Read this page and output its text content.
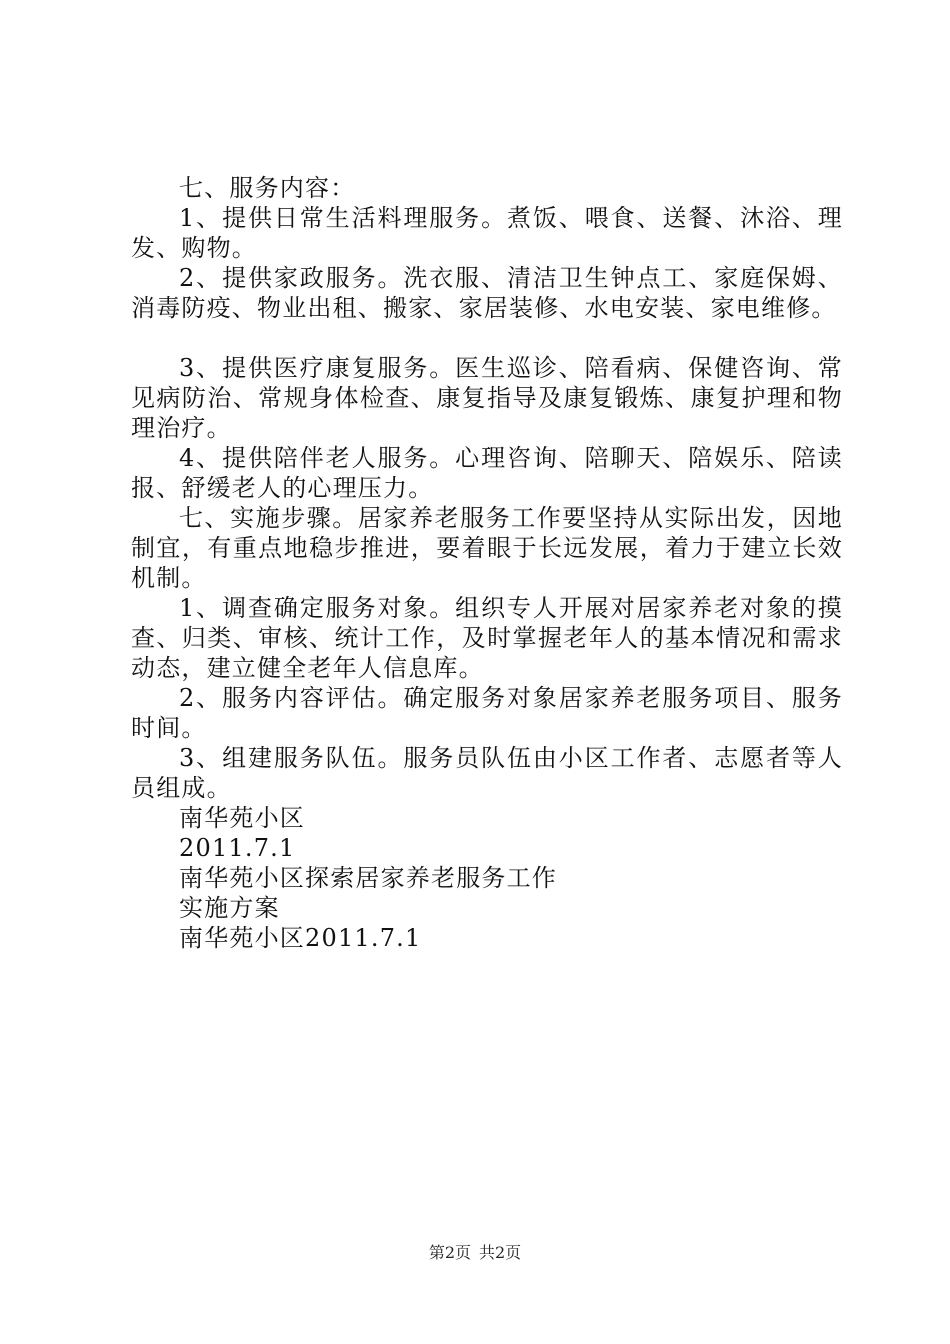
七、服务内容：

1、提供日常生活料理服务。煮饭、喂食、送餐、沐浴、理发、购物。

2、提供家政服务。洗衣服、清洁卫生钟点工、家庭保姆、消毒防疫、物业出租、搬家、家居装修、水电安装、家电维修。

3、提供医疗康复服务。医生巡诊、陪看病、保健咨询、常见病防治、常规身体检查、康复指导及康复锻炼、康复护理和物理治疗。

4、提供陪伴老人服务。心理咨询、陪聊天、陪娱乐、陪读报、舒缓老人的心理压力。

七、实施步骤。居家养老服务工作要坚持从实际出发，因地制宜，有重点地稳步推进，要着眼于长远发展，着力于建立长效机制。

1、调查确定服务对象。组织专人开展对居家养老对象的摸查、归类、审核、统计工作，及时掌握老年人的基本情况和需求动态，建立健全老年人信息库。

2、服务内容评估。确定服务对象居家养老服务项目、服务时间。

3、组建服务队伍。服务员队伍由小区工作者、志愿者等人员组成。

南华苑小区

2011.7.1

南华苑小区探索居家养老服务工作

实施方案

南华苑小区2011.7.1

第2页 共2页
